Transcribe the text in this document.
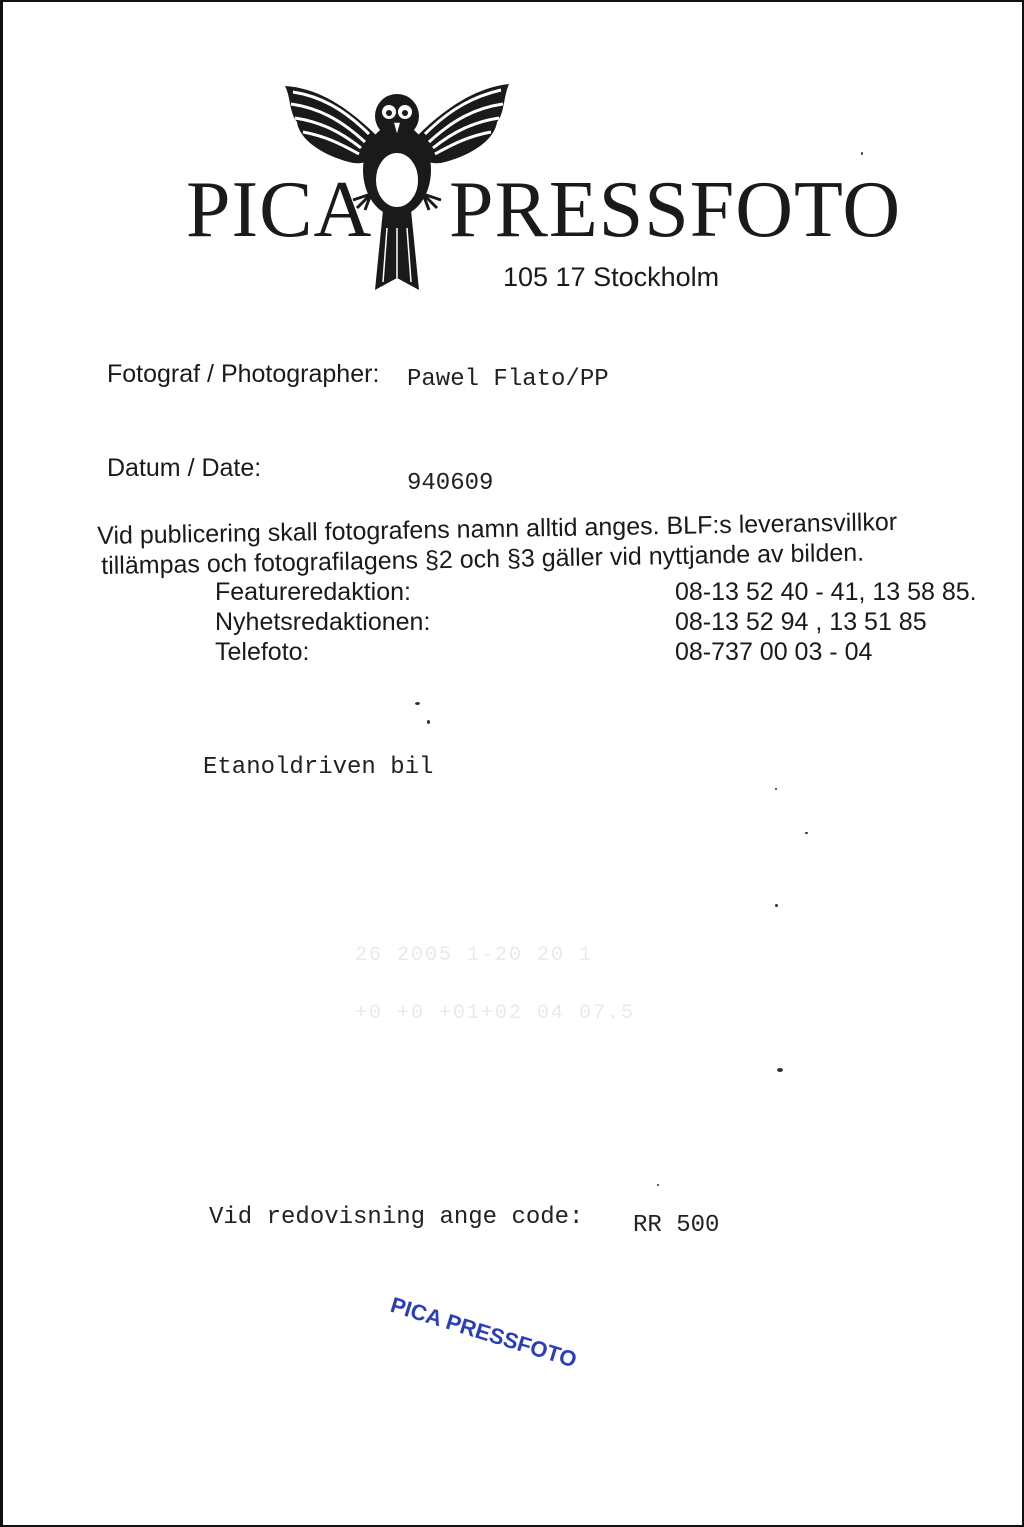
PICA PRESSFOTO
105 17 Stockholm
Fotograf / Photographer: Pawel Flato/PP
Datum / Date:
940609
Vid publicering skall fotografens namn alltid anges. BLF:s leveransvillkor
tillämpas och fotografilagens §2 och §3 gäller vid nyttjande av bilden.
Featureredaktion:	08-13 52 40 - 41, 13 58 85.
Nyhetsredaktionen:	08-13 52 94 , 13 51 85
Telefoto:	08-737 00 03 - 04
Etanoldriven bil
26 2005 1-20 20 1
+0 +0 +01+02 04 07.5
Vid redovisning ange code: RR 500
PICA PRESSFOTO
